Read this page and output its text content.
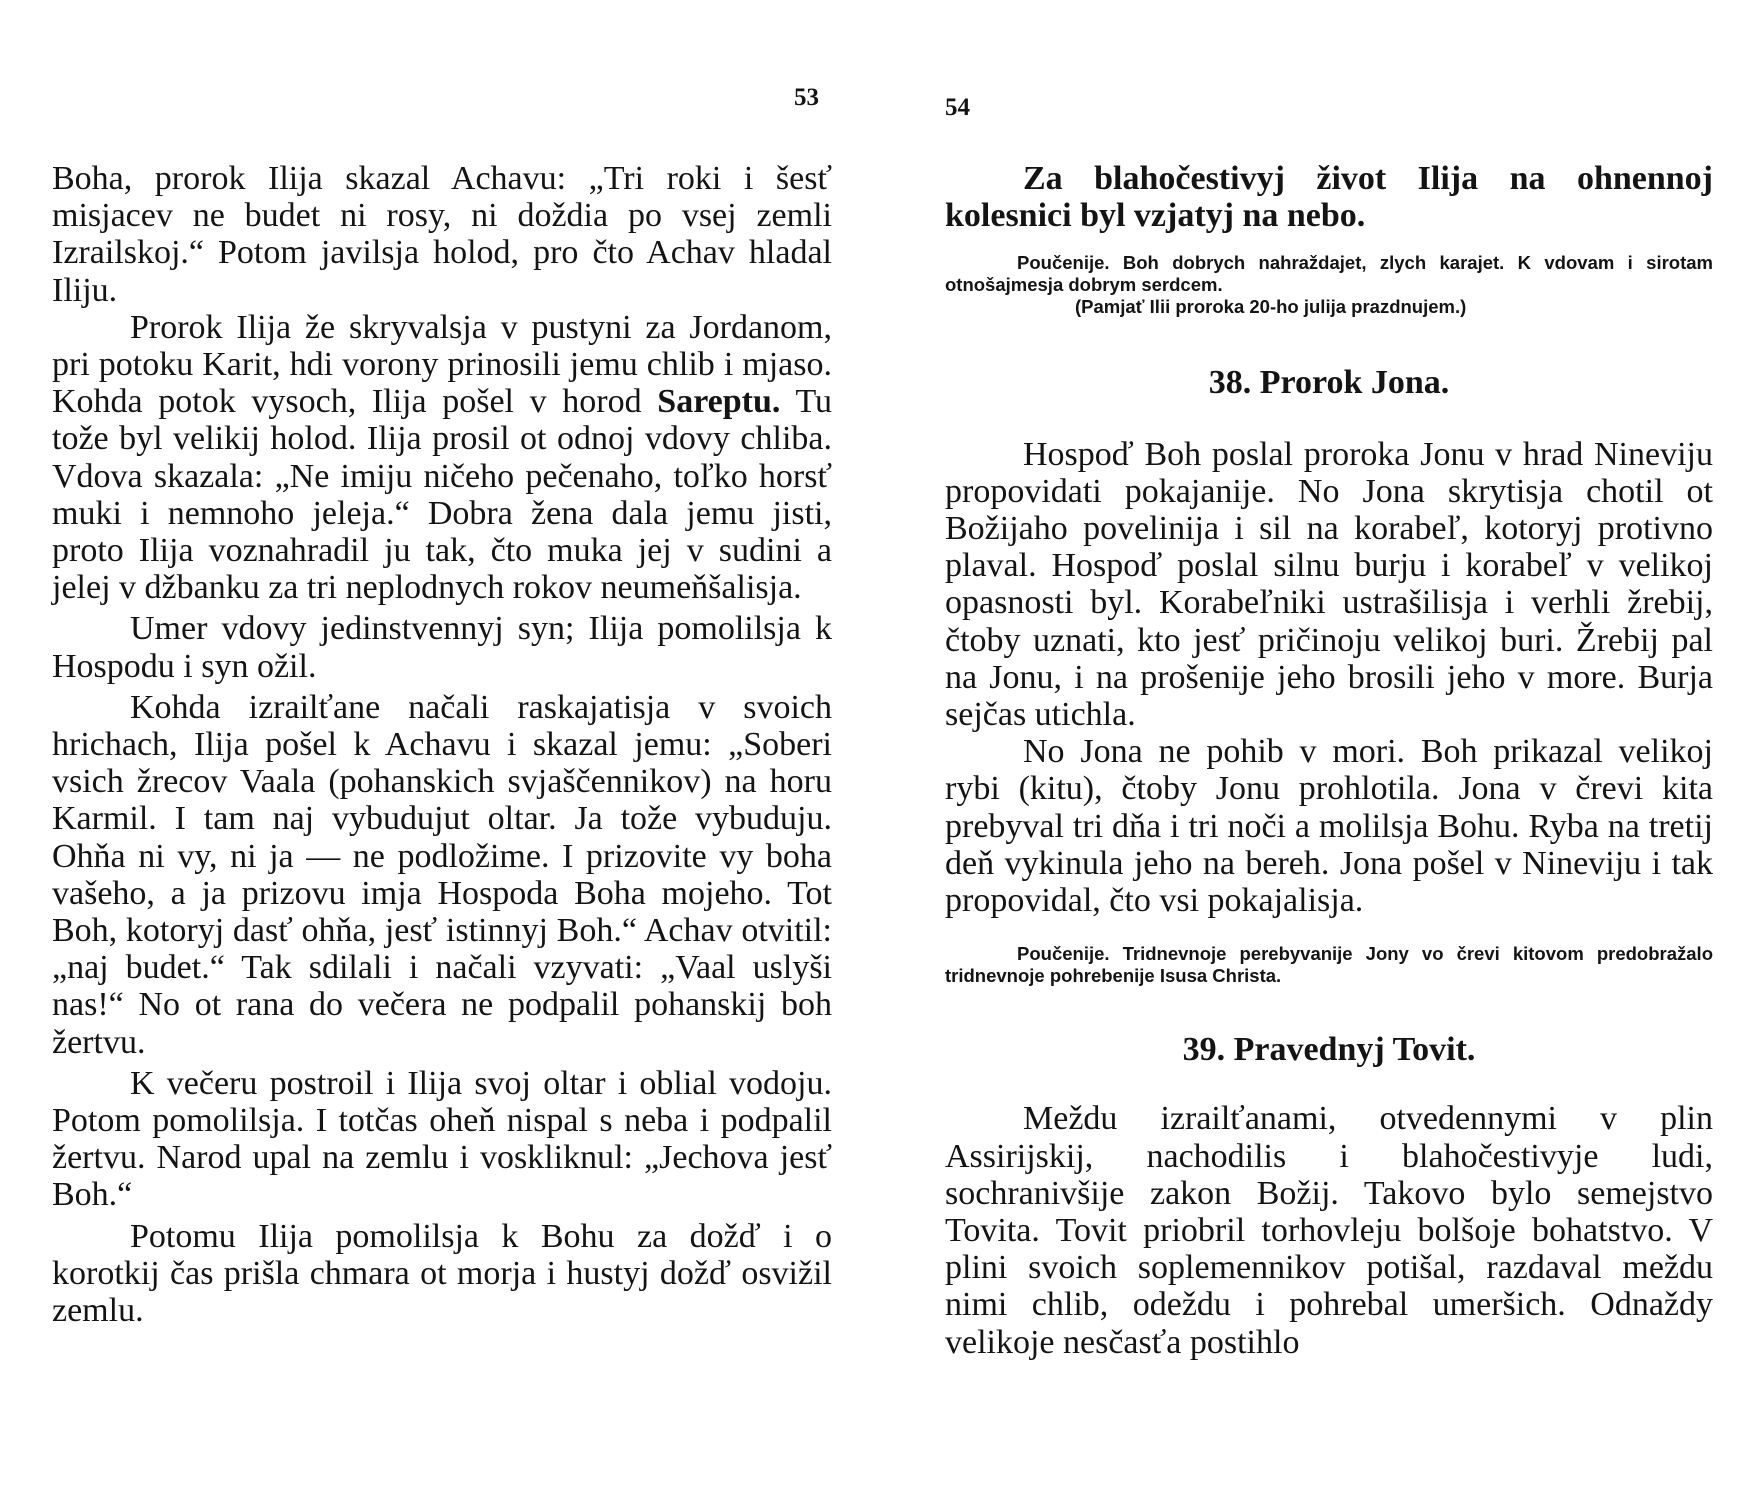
53

Boha, prorok Ilija skazal Achavu: „Tri roki i šesť misjacev ne budet ni rosy, ni doždia po vsej zemli Izrailskoj.“ Potom javilsja holod, pro čto Achav hladal Iliju.

Prorok Ilija že skryvalsja v pustyni za Jordanom, pri potoku Karit, hdi vorony prinosili jemu chlib i mjaso. Kohda potok vysoch, Ilija pošel v horod Sareptu. Tu tože byl velikij holod. Ilija prosil ot odnoj vdovy chliba. Vdova skazala: „Ne imiju ničeho pečenaho, toľko horsť muki i nemnoho jeleja.“ Dobra žena dala jemu jisti, proto Ilija voznahradil ju tak, čto muka jej v sudini a jelej v džbanku za tri neplodnych rokov neumeňšalisja.

Umer vdovy jedinstvennyj syn; Ilija pomolilsja k Hospodu i syn ožil.

Kohda izrailťane načali raskajatisja v svoich hrichach, Ilija pošel k Achavu i skazal jemu: „Soberi vsich žrecov Vaala (pohanskich svjaščennikov) na horu Karmil. I tam naj vybudujut oltar. Ja tože vybuduju. Ohňa ni vy, ni ja — ne podložime. I prizovite vy boha vašeho, a ja prizovu imja Hospoda Boha mojeho. Tot Boh, kotoryj dasť ohňa, jesť istinnyj Boh.“ Achav otvitil: „naj budet.“ Tak sdilali i načali vzyvati: „Vaal uslyši nas!“ No ot rana do večera ne podpalil pohanskij boh žertvu.

K večeru postroil i Ilija svoj oltar i oblial vodoju. Potom pomolilsja. I totčas oheň nispal s neba i podpalil žertvu. Narod upal na zemlu i voskliknul: „Jechova jesť Boh.“

Potomu Ilija pomolilsja k Bohu za dožď i o korotkij čas prišla chmara ot morja i hustyj dožď osvižil zemlu.

54

Za blahočestivyj život Ilija na ohnennoj kolesnici byl vzjatyj na nebo.

Poučenije. Boh dobrych nahraždajet, zlych karajet. K vdovam i sirotam otnošajmesja dobrym serdcem.

(Pamjať Ilii proroka 20-ho julija prazdnujem.)

38. Prorok Jona.

Hospoď Boh poslal proroka Jonu v hrad Nineviju propovidati pokajanije. No Jona skrytisja chotil ot Božijaho povelinija i sil na korabeľ, kotoryj protivno plaval. Hospoď poslal silnu burju i korabeľ v velikoj opasnosti byl. Korabeľniki ustrašilisja i verhli žrebij, čtoby uznati, kto jesť pričinoju velikoj buri. Žrebij pal na Jonu, i na prošenije jeho brosili jeho v more. Burja sejčas utichla.

No Jona ne pohib v mori. Boh prikazal velikoj rybi (kitu), čtoby Jonu prohlotila. Jona v črevi kita prebyval tri dňa i tri noči a molilsja Bohu. Ryba na tretij deň vykinula jeho na bereh. Jona pošel v Nineviju i tak propovidal, čto vsi pokajalisja.

Poučenije. Tridnevnoje perebyvanije Jony vo črevi kitovom predobražalo tridnevnoje pohrebenije Isusa Christa.

39. Pravednyj Tovit.

Meždu izrailťanami, otvedennymi v plin Assirijskij, nachodilis i blahočestivyje ludi, sochranivšije zakon Božij. Takovo bylo semejstvo Tovita. Tovit priobril torhovleju bolšoje bohatstvo. V plini svoich soplemennikov potišal, razdaval meždu nimi chlib, odeždu i pohrebal umeršich. Odnaždy velikoje nesčasťa postihlo
